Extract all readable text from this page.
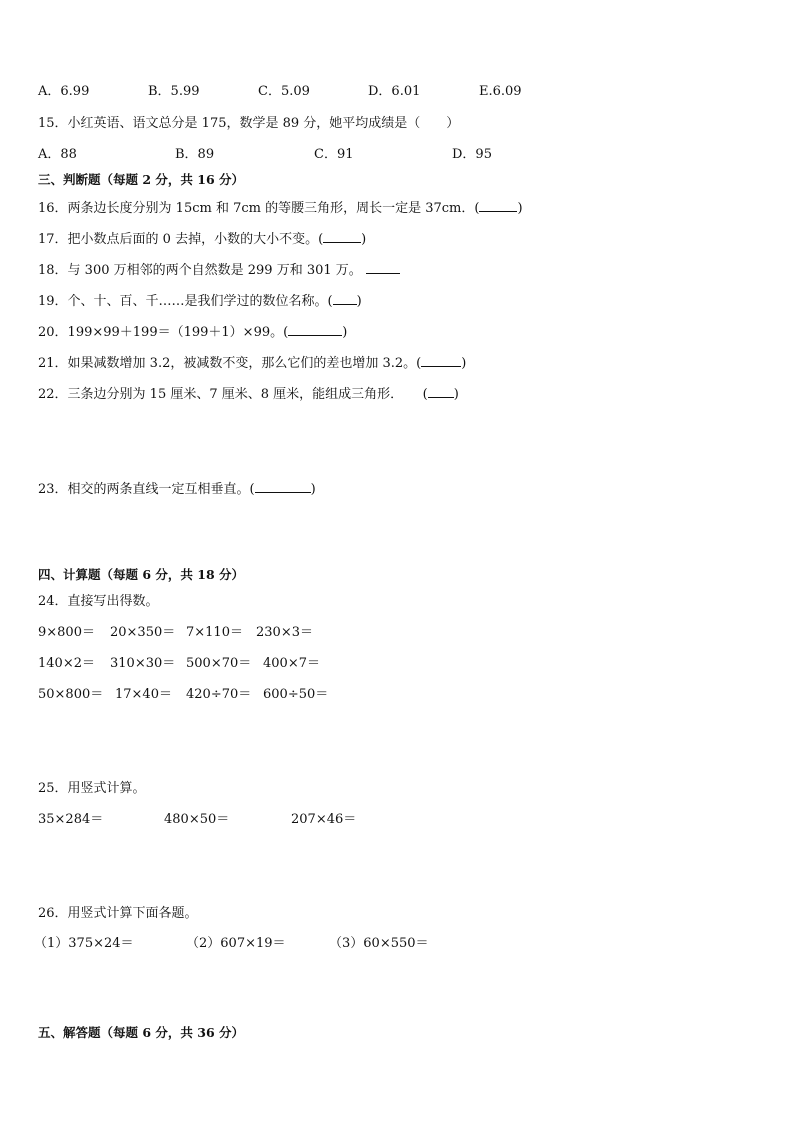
A．6.99	B．5.99	C．5.09	D．6.01	E.6.09
15．小红英语、语文总分是 175，数学是 89 分，她平均成绩是（　　）
A．88	B．89	C．91	D．95
三、判断题（每题 2 分，共 16 分）
16．两条边长度分别为 15cm 和 7cm 的等腰三角形，周长一定是 37cm．(	)
17．把小数点后面的 0 去掉，小数的大小不变。(	)
18．与 300 万相邻的两个自然数是 299 万和 301 万。
19．个、十、百、千……是我们学过的数位名称。( )
20．199×99＋199＝（199＋1）×99。(	)
21．如果减数增加 3.2，被减数不变，那么它们的差也增加 3.2。(	)
22．三条边分别为 15 厘米、7 厘米、8 厘米，能组成三角形．　　( )
23．相交的两条直线一定互相垂直。(	)
四、计算题（每题 6 分，共 18 分）
24．直接写出得数。
9×800＝ 20×350＝ 7×110＝ 230×3＝
140×2＝ 310×30＝ 500×70＝ 400×7＝
50×800＝ 17×40＝ 420÷70＝ 600÷50＝
25．用竖式计算。
35×284＝	480×50＝	207×46＝
26．用竖式计算下面各题。
（1）375×24＝	（2）607×19＝	（3）60×550＝
五、解答题（每题 6 分，共 36 分）
